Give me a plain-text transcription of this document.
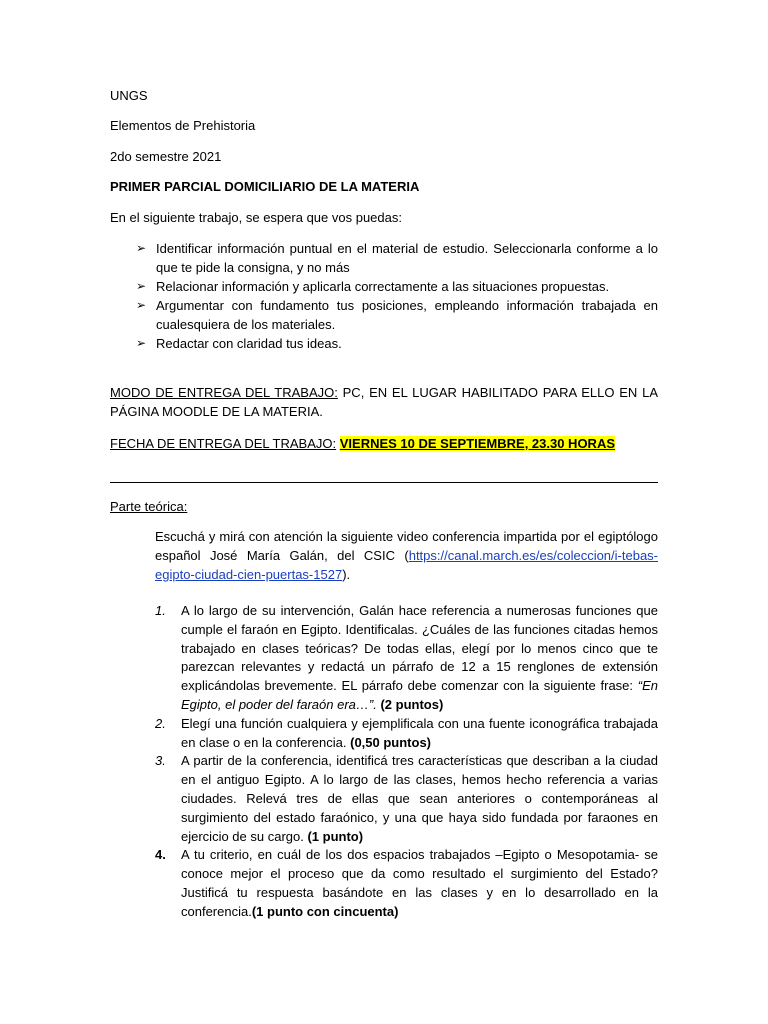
UNGS

Elementos de Prehistoria

2do semestre 2021

PRIMER PARCIAL DOMICILIARIO DE LA MATERIA

En el siguiente trabajo, se espera que vos puedas:

➢ Identificar información puntual en el material de estudio. Seleccionarla conforme a lo que te pide la consigna, y no más
➢ Relacionar información y aplicarla correctamente a las situaciones propuestas.
➢ Argumentar con fundamento tus posiciones, empleando información trabajada en cualesquiera de los materiales.
➢ Redactar con claridad tus ideas.

MODO DE ENTREGA DEL TRABAJO: PC, EN EL LUGAR HABILITADO PARA ELLO EN LA PÁGINA MOODLE DE LA MATERIA.

FECHA DE ENTREGA DEL TRABAJO: VIERNES 10 DE SEPTIEMBRE, 23.30 HORAS

Parte teórica:

Escuchá y mirá con atención la siguiente video conferencia impartida por el egiptólogo español José María Galán, del CSIC (https://canal.march.es/es/coleccion/i-tebas-egipto-ciudad-cien-puertas-1527).

1. A lo largo de su intervención, Galán hace referencia a numerosas funciones que cumple el faraón en Egipto. Identificalas. ¿Cuáles de las funciones citadas hemos trabajado en clases teóricas? De todas ellas, elegí por lo menos cinco que te parezcan relevantes y redactá un párrafo de 12 a 15 renglones de extensión explicándolas brevemente. EL párrafo debe comenzar con la siguiente frase: “En Egipto, el poder del faraón era…”. (2 puntos)
2. Elegí una función cualquiera y ejemplificala con una fuente iconográfica trabajada en clase o en la conferencia. (0,50 puntos)
3. A partir de la conferencia, identificá tres características que describan a la ciudad en el antiguo Egipto. A lo largo de las clases, hemos hecho referencia a varias ciudades. Relevá tres de ellas que sean anteriores o contemporáneas al surgimiento del estado faraónico, y una que haya sido fundada por faraones en ejercicio de su cargo. (1 punto)
4. A tu criterio, en cuál de los dos espacios trabajados –Egipto o Mesopotamia- se conoce mejor el proceso que da como resultado el surgimiento del Estado? Justificá tu respuesta basándote en las clases y en lo desarrollado en la conferencia.(1 punto con cincuenta)
